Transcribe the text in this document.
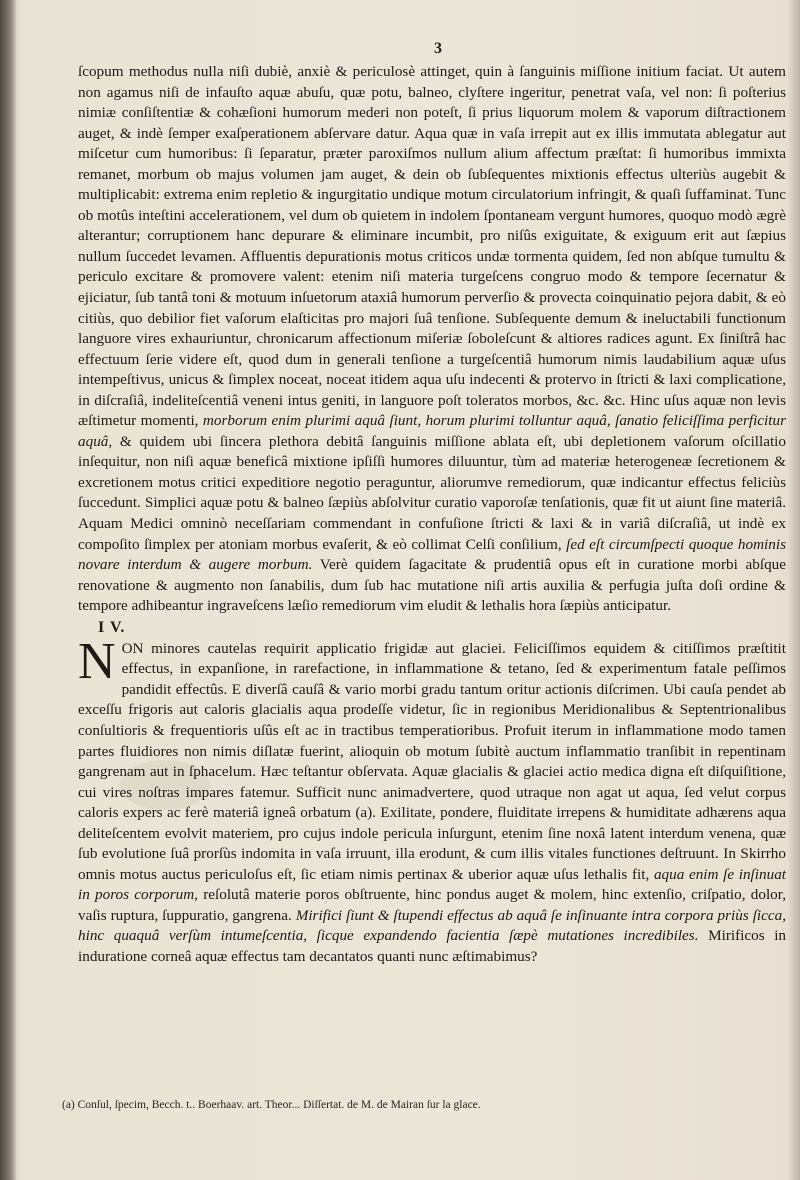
3

ſcopum methodus nulla niſi dubiè, anxiè & periculosè attinget, quin à ſanguinis miſſione initium faciat. Ut autem non agamus niſi de infauſto aquæ abuſu, quæ potu, balneo, clyſtere ingeritur, penetrat vaſa, vel non: ſi poſterius nimiæ conſiſtentiæ & cohæſioni humorum mederi non poteſt, ſi prius liquorum molem & vaporum diſtractionem auget, & indè ſemper exaſperationem abſervare datur. Aqua quæ in vaſa irrepit aut ex illis immutata ablegatur aut miſcetur cum humoribus: ſi ſeparatur, præter paroxiſmos nullum alium affectum præſtat: ſi humoribus immixta remanet, morbum ob majus volumen jam auget, & dein ob ſubſequentes mixtionis effectus ulteriùs augebit & multiplicabit: extrema enim repletio & ingurgitatio undique motum circulatorium infringit, & quaſi ſuffaminat. Tunc ob motûs inteſtini accelerationem, vel dum ob quietem in indolem ſpontaneam vergunt humores, quoquo modò ægrè alterantur; corruptionem hanc depurare & eliminare incumbit, pro niſûs exiguitate, & exiguum erit aut ſæpius nullum ſuccedet levamen. Affluentis depurationis motus criticos undæ tormenta quidem, ſed non abſque tumultu & periculo excitare & promovere valent: etenim niſi materia turgeſcens congruo modo & tempore ſecernatur & ejiciatur, ſub tantâ toni & motuum inſuetorum ataxiâ humorum perverſio & provecta coinquinatio pejora dabit, & eò citiùs, quo debilior fiet vaſorum elaſticitas pro majori ſuâ tenſione. Subſequente demum & ineluctabili functionum languore vires exhauriuntur, chronicarum affectionum miſeriæ ſoboleſcunt & altiores radices agunt. Ex ſiniſtrâ hac effectuum ſerie videre eſt, quod dum in generali tenſione a turgeſcentiâ humorum nimis laudabilium aquæ uſus intempeſtivus, unicus & ſimplex noceat, noceat itidem aqua uſu indecenti & protervo in ſtricti & laxi complicatione, in diſcraſiâ, indeliteſcentiâ veneni intus geniti, in languore poſt toleratos morbos, &c. &c. Hinc uſus aquæ non levis æſtimetur momenti, morborum enim plurimi aquâ ſiunt, horum plurimi tolluntur aquâ, ſanatio feliciſſima perficitur aquâ, & quidem ubi ſincera plethora debitâ ſanguinis miſſione ablata eſt, ubi depletionem vaſorum oſcillatio inſequitur, non niſi aquæ beneficâ mixtione ipſiſſi humores diluuntur, tùm ad materiæ heterogeneæ ſecretionem & excretionem motus critici expeditiore negotio peraguntur, aliorumve remediorum, quæ indicantur effectus feliciùs ſuccedunt. Simplici aquæ potu & balneo ſæpiùs abſolvitur curatio vaporoſæ tenſationis, quæ fit ut aiunt ſine materiâ. Aquam Medici omninò neceſſariam commendant in confuſione ſtricti & laxi & in variâ diſcraſiâ, ut indè ex compoſito ſimplex per atoniam morbus evaſerit, & eò collimat Celſi conſilium, ſed eſt circumſpecti quoque hominis novare interdum & augere morbum. Verè quidem ſagacitate & prudentiâ opus eſt in curatione morbi abſque renovatione & augmento non ſanabilis, dum ſub hac mutatione niſi artis auxilia & perfugia juſta doſi ordine & tempore adhibeantur ingraveſcens læſio remediorum vim eludit & lethalis hora ſæpiùs anticipatur.

I V.

NON minores cautelas requirit applicatio frigidæ aut glaciei. Feliciſſimos equidem & citiſſimos præſtitit effectus, in expanſione, in rarefactione, in inflammatione & tetano, ſed & experimentum fatale peſſimos pandidit effectûs. E diverſâ cauſâ & vario morbi gradu tantum oritur actionis diſcrimen. Ubi cauſa pendet ab exceſſu frigoris aut caloris glacialis aqua prodeſſe videtur, ſic in regionibus Meridionalibus & Septentrionalibus conſultioris & frequentioris uſûs eſt ac in tractibus temperatioribus. Profuit iterum in inflammatione modo tamen partes fluidiores non nimis diſlatæ fuerint, alioquin ob motum ſubitè auctum inflammatio tranſibit in repentinam gangrenam aut in ſphacelum. Hæc teſtantur obſervata. Aquæ glacialis & glaciei actio medica digna eſt diſquiſitione, cui vires noſtras impares fatemur. Sufficit nunc animadvertere, quod utraque non agat ut aqua, ſed velut corpus caloris expers ac ferè materiâ igneâ orbatum (a). Exilitate, pondere, fluiditate irrepens & humiditate adhærens aqua deliteſcentem evolvit materiem, pro cujus indole pericula inſurgunt, etenim ſine noxâ latent interdum venena, quæ ſub evolutione ſuâ prorſùs indomita in vaſa irruunt, illa erodunt, & cum illis vitales functiones deſtruunt. In Skirrho omnis motus auctus periculoſus eſt, ſic etiam nimis pertinax & uberior aquæ uſus lethalis fit, aqua enim ſe inſinuat in poros corporum, reſolutâ materie poros obſtruente, hinc pondus auget & molem, hinc extenſio, criſpatio, dolor, vaſis ruptura, ſuppuratio, gangrena. Mirifici ſiunt & ſtupendi effectus ab aquâ ſe inſinuante intra corpora priùs ſicca, hinc quaquâ verſùm intumeſcentia, ſicque expandendo facientia ſæpè mutationes incredibiles. Mirificos in induratione corneâ aquæ effectus tam decantatos quanti nunc æſtimabimus?

(a) Conſul, ſpecim, Becch. t.. Boerhaav. art. Theor... Diſſertat. de M. de Mairan ſur la glace.
